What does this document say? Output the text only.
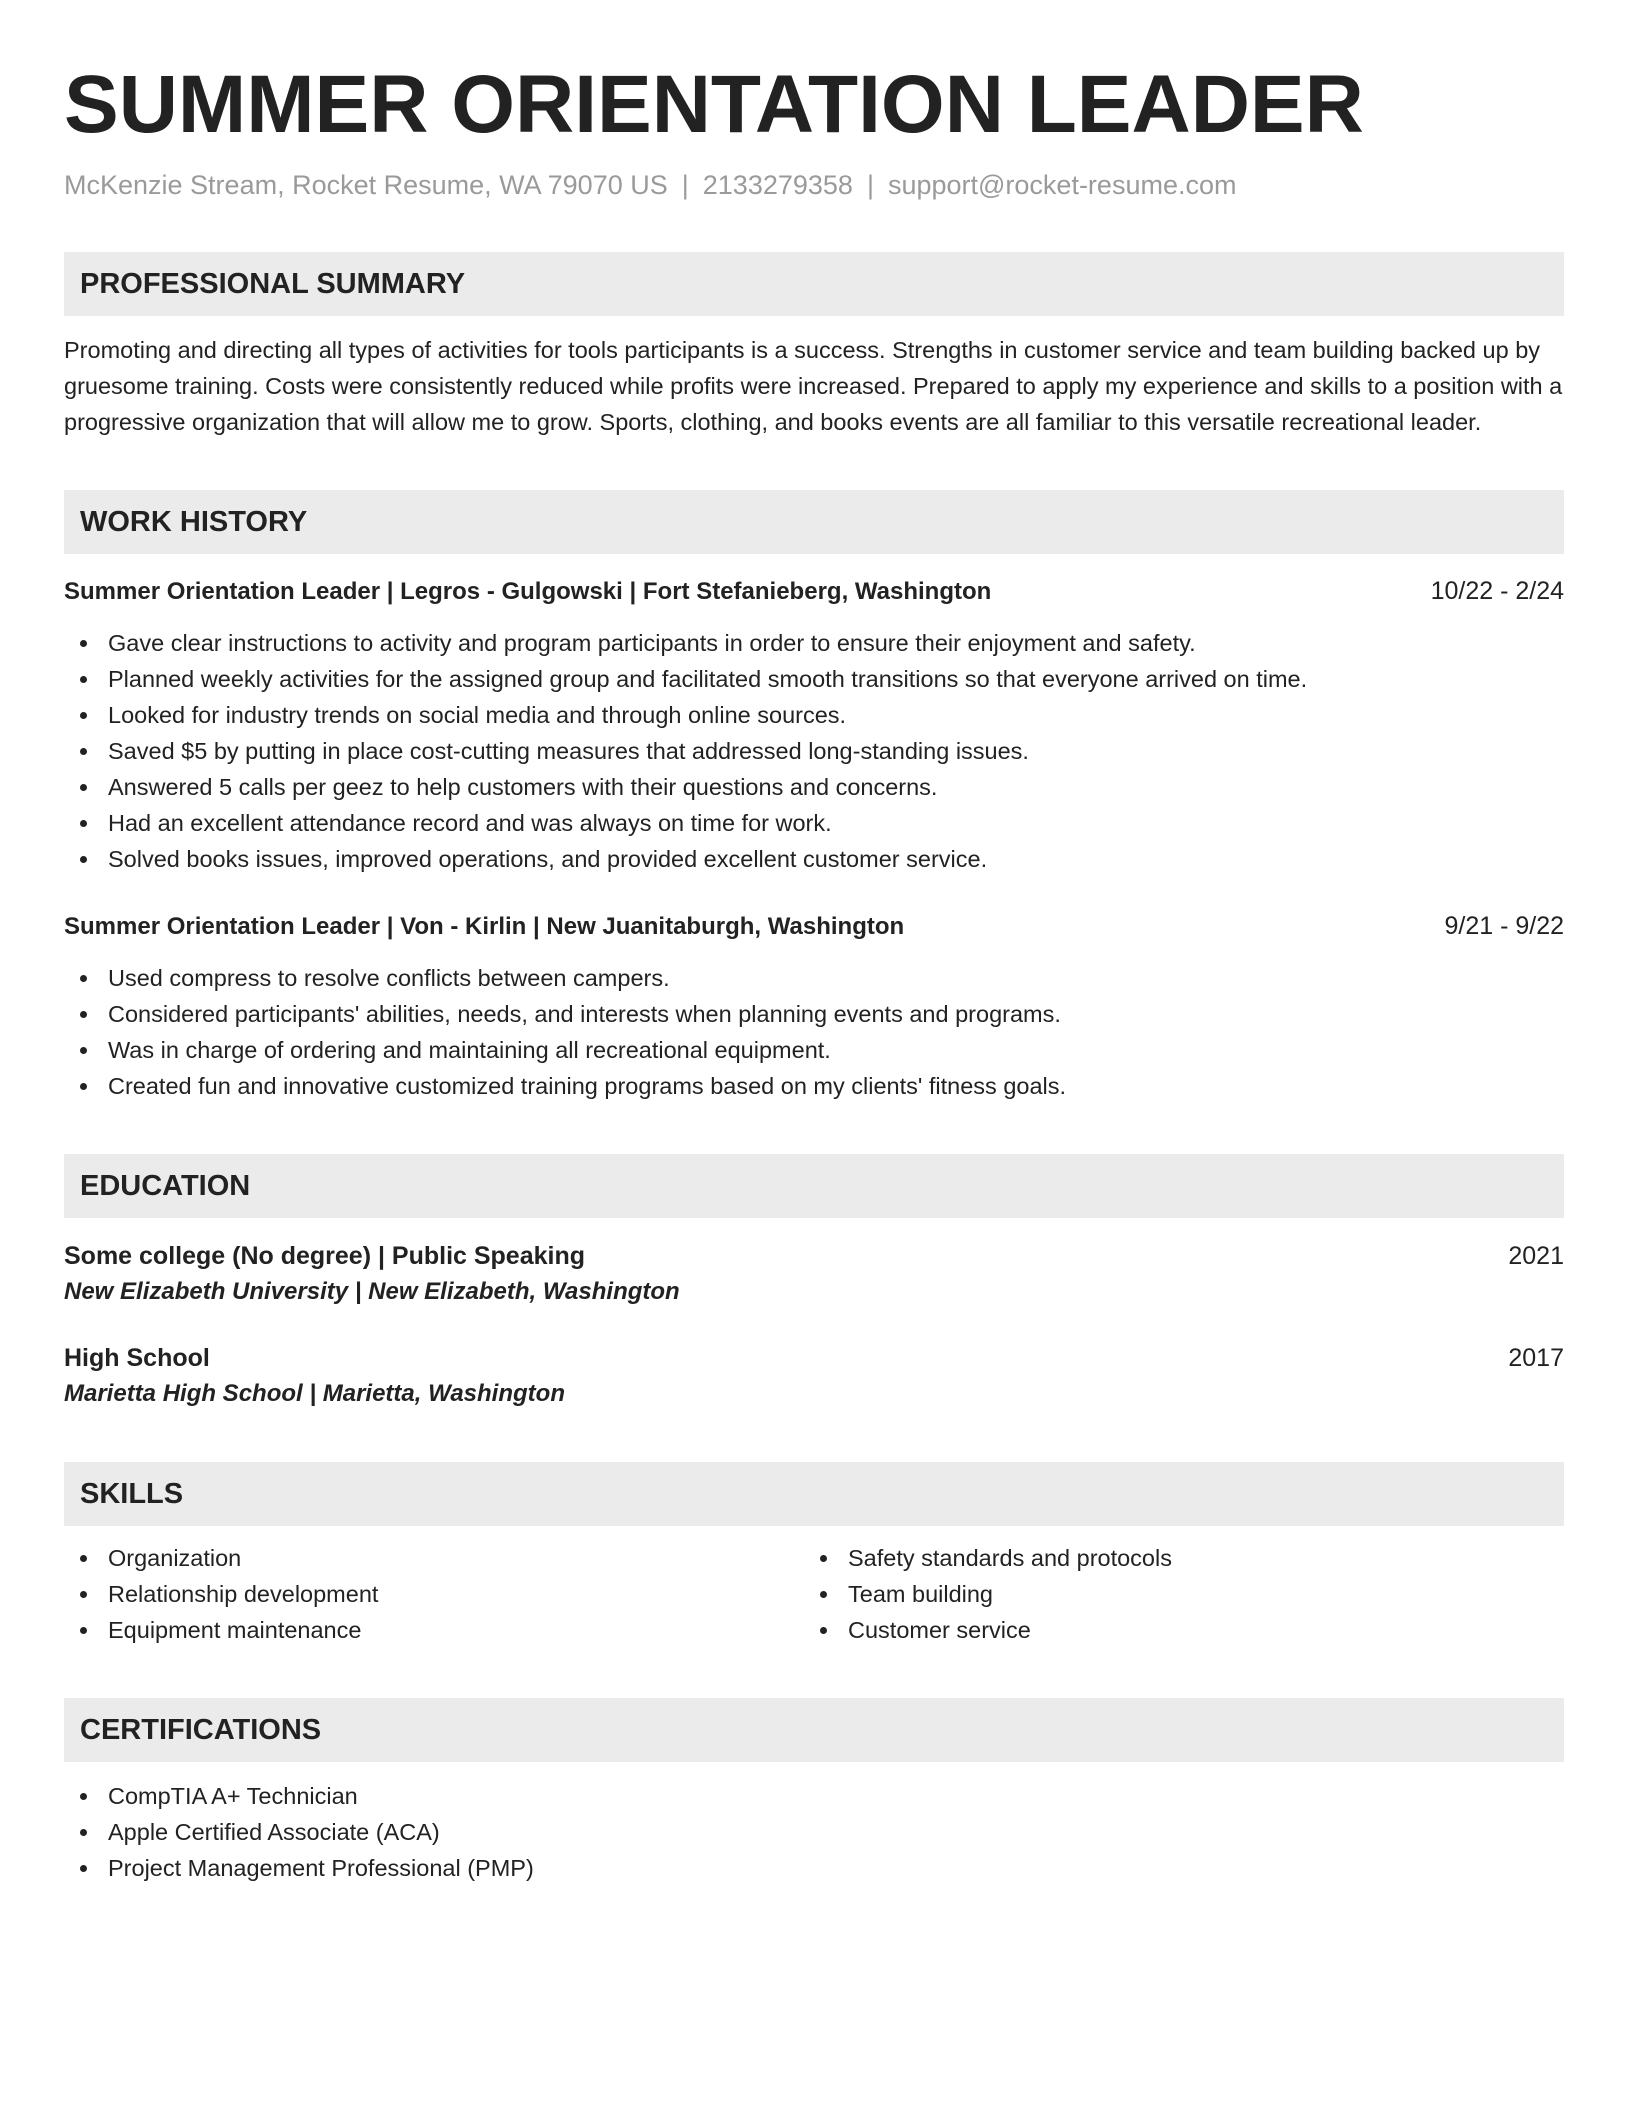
SUMMER ORIENTATION LEADER
McKenzie Stream, Rocket Resume, WA 79070 US | 2133279358 | support@rocket-resume.com
PROFESSIONAL SUMMARY
Promoting and directing all types of activities for tools participants is a success. Strengths in customer service and team building backed up by gruesome training. Costs were consistently reduced while profits were increased. Prepared to apply my experience and skills to a position with a progressive organization that will allow me to grow. Sports, clothing, and books events are all familiar to this versatile recreational leader.
WORK HISTORY
Summer Orientation Leader | Legros - Gulgowski | Fort Stefanieberg, Washington	10/22 - 2/24
Gave clear instructions to activity and program participants in order to ensure their enjoyment and safety.
Planned weekly activities for the assigned group and facilitated smooth transitions so that everyone arrived on time.
Looked for industry trends on social media and through online sources.
Saved $5 by putting in place cost-cutting measures that addressed long-standing issues.
Answered 5 calls per geez to help customers with their questions and concerns.
Had an excellent attendance record and was always on time for work.
Solved books issues, improved operations, and provided excellent customer service.
Summer Orientation Leader | Von - Kirlin | New Juanitaburgh, Washington	9/21 - 9/22
Used compress to resolve conflicts between campers.
Considered participants' abilities, needs, and interests when planning events and programs.
Was in charge of ordering and maintaining all recreational equipment.
Created fun and innovative customized training programs based on my clients' fitness goals.
EDUCATION
Some college (No degree) | Public Speaking	2021
New Elizabeth University | New Elizabeth, Washington
High School	2017
Marietta High School | Marietta, Washington
SKILLS
Organization
Relationship development
Equipment maintenance
Safety standards and protocols
Team building
Customer service
CERTIFICATIONS
CompTIA A+ Technician
Apple Certified Associate (ACA)
Project Management Professional (PMP)
